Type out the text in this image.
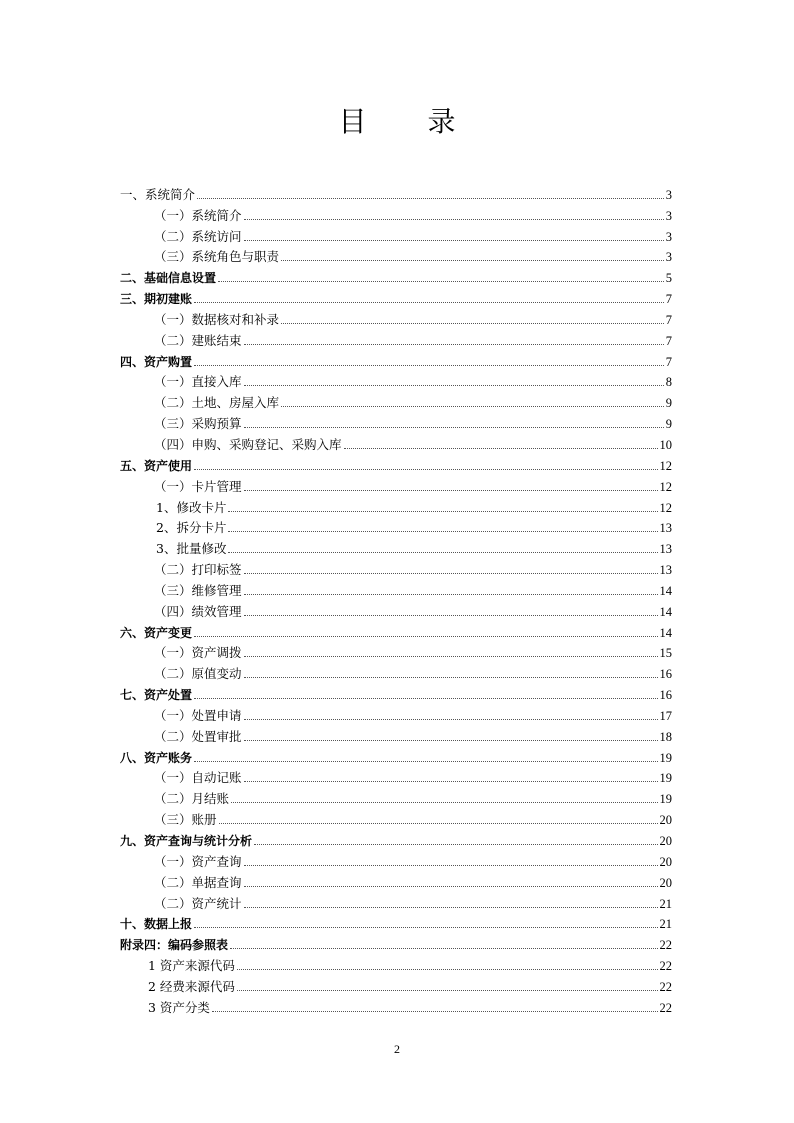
目 录
一、系统简介	3
（一）系统简介	3
（二）系统访问	3
（三）系统角色与职责	3
二、基础信息设置	5
三、期初建账	7
（一）数据核对和补录	7
（二）建账结束	7
四、资产购置	7
（一）直接入库	8
（二）土地、房屋入库	9
（三）采购预算	9
（四）申购、采购登记、采购入库	10
五、资产使用	12
（一）卡片管理	12
1、修改卡片	12
2、拆分卡片	13
3、批量修改	13
（二）打印标签	13
（三）维修管理	14
（四）绩效管理	14
六、资产变更	14
（一）资产调拨	15
（二）原值变动	16
七、资产处置	16
（一）处置申请	17
（二）处置审批	18
八、资产账务	19
（一）自动记账	19
（二）月结账	19
（三）账册	20
九、资产查询与统计分析	20
（一）资产查询	20
（二）单据查询	20
（二）资产统计	21
十、数据上报	21
附录四：编码参照表	22
1 资产来源代码	22
2 经费来源代码	22
3 资产分类	22
2
